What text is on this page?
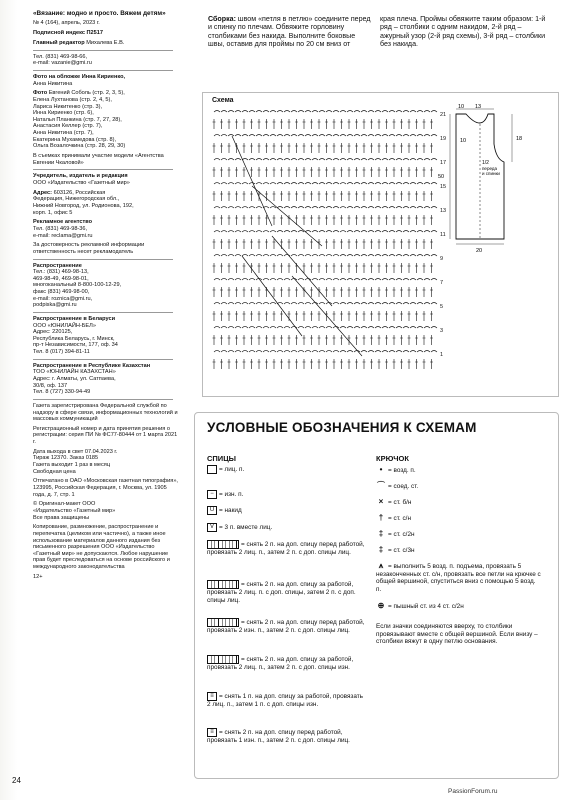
«Вязание: модно и просто. Вяжем детям»
№ 4 (164), апрель, 2023 г.
Подписной индекс П2517
Главный редактор Михалева Е.В.
Тел. (831) 469-98-66,
e-mail: vazanie@gmi.ru
Фото на обложке Инна Кириенко,
Анна Никитина
Фото Евгений Соболь (стр. 2, 3, 5),
Елена Лухтанова (стр. 2, 4, 5),
Лариса Никитенко (стр. 3),
Инна Кириенко (стр. 6),
Наталья Планкина (стр. 7, 27, 28),
Анастасия Келлер (стр. 7),
Анна Никитина (стр. 7),
Екатерина Мухамедова (стр. 8),
Ольга Возалочкина (стр. 28, 29, 30)
В съемках принимали участие модели «Агентства Евгении Чкаловой»
Учредитель, издатель и редакция
ООО «Издательство «Газетный мир»
Адрес: 603126, Российская
Федерация, Нижегородская обл.,
Нижний Новгород, ул. Родионова, 192,
корп. 1, офис 5
Рекламное агентство
Тел. (831) 469-98-36,
e-mail: reclama@gmi.ru
За достоверность рекламной информации ответственность несет рекламодатель
Распространение
Тел.: (831) 469-98-13,
469-98-49, 469-98-01,
многоканальный 8-800-100-12-29,
факс (831) 469-98-00,
e-mail: roznica@gmi.ru,
podpiska@gmi.ru
Распространение в Беларуси
ООО «ЮНИЛАЙН-БЕЛ»
Адрес: 220125,
Республика Беларусь, г. Минск,
пр-т Независимости, 177, оф. 34
Тел. 8 (017) 394-81-11
Распространение в Республике Казахстан
ТОО «ЮНИЛАЙН КАЗАХСТАН»
Адрес: г. Алматы, ул. Сатпаева,
30/8, оф. 137
Тел. 8 (727) 330-94-49
Газета зарегистрирована Федеральной службой по надзору в сфере связи, информационных технологий и массовых коммуникаций
Регистрационный номер и дата принятия решения о регистрации: серия ПИ № ФС77-80444 от 1 марта 2021 г.
Дата выхода в свет 07.04.2023 г.
Тираж 12370. Заказ 0185
Газета выходит 1 раз в месяц
Свободная цена
Отпечатано в ОАО «Московская газетная типография», 123995, Российская Федерация, г. Москва, ул. 1905 года, д. 7, стр. 1
© Оригинал-макет ООО
«Издательство «Газетный мир»
Все права защищены
Копирование, размножение, распространение и перепечатка (целиком или частично), а также иное использование материалов данного издания без письменного разрешения ООО «Издательство «Газетный мир» не допускаются. Любое нарушение прав будет преследоваться на основе российского и международного законодательства
12+
Сборка: швом «петля в петлю» соедините перед и спинку по плечам. Обвяжите горловину столбиками без накида. Выполните боковые швы, оставив для проймы по 20 см вниз от
края плеча. Проймы обвяжите таким образом: 1-й ряд – столбики с одним накидом, 2-й ряд – ажурный узор (2-й ряд схемы), 3-й ряд – столбики без накида.
Схема
21
19
17
15
13
11
9
7
5
3
1
10 13
18
10
50
20
1/2
переда
и спинки
УСЛОВНЫЕ ОБОЗНАЧЕНИЯ К СХЕМАМ
СПИЦЫ	КРЮЧОК
= лиц. п.
− = изн. п.
U = накид
V = 3 п. вместе лиц.
= снять 2 п. на доп. спицу перед работой, провязать 2 лиц. п., затем 2 п. с доп. спицы лиц.
= снять 2 п. на доп. спицу за работой, провязать 2 лиц. п. с доп. спицы, затем 2 п. с доп. спицы лиц.
= снять 2 п. на доп. спицу перед работой, провязать 2 изн. п., затем 2 п. с доп. спицы лиц.
= снять 2 п. на доп. спицу за работой, провязать 2 лиц. п., затем 2 п. с доп. спицы изн.
≡ = снять 1 п. на доп. спицу за работой, провязать 2 лиц. п., затем 1 п. с доп. спицы изн.
≡ = снять 2 п. на доп. спицу перед работой, провязать 1 изн. п., затем 2 п. с доп. спицы лиц.
• = возд. п.
⌒ = соед. ст.
× = ст. б/н
† = ст. с/н
‡ = ст. с/2н
‡ = ст. с/3н
⩚ = выполнить 5 возд. п. подъема, провязать 5 незаконченных ст. с/н, провязать все петли на крючке с общей вершиной, спуститься вниз с помощью 5 возд. п.
⊕ = пышный ст. из 4 ст. с/2н
Если значки соединяются вверху, то столбики провязывают вместе с общей вершиной. Если внизу – столбики вяжут в одну петлю основания.
24
PassionForum.ru
